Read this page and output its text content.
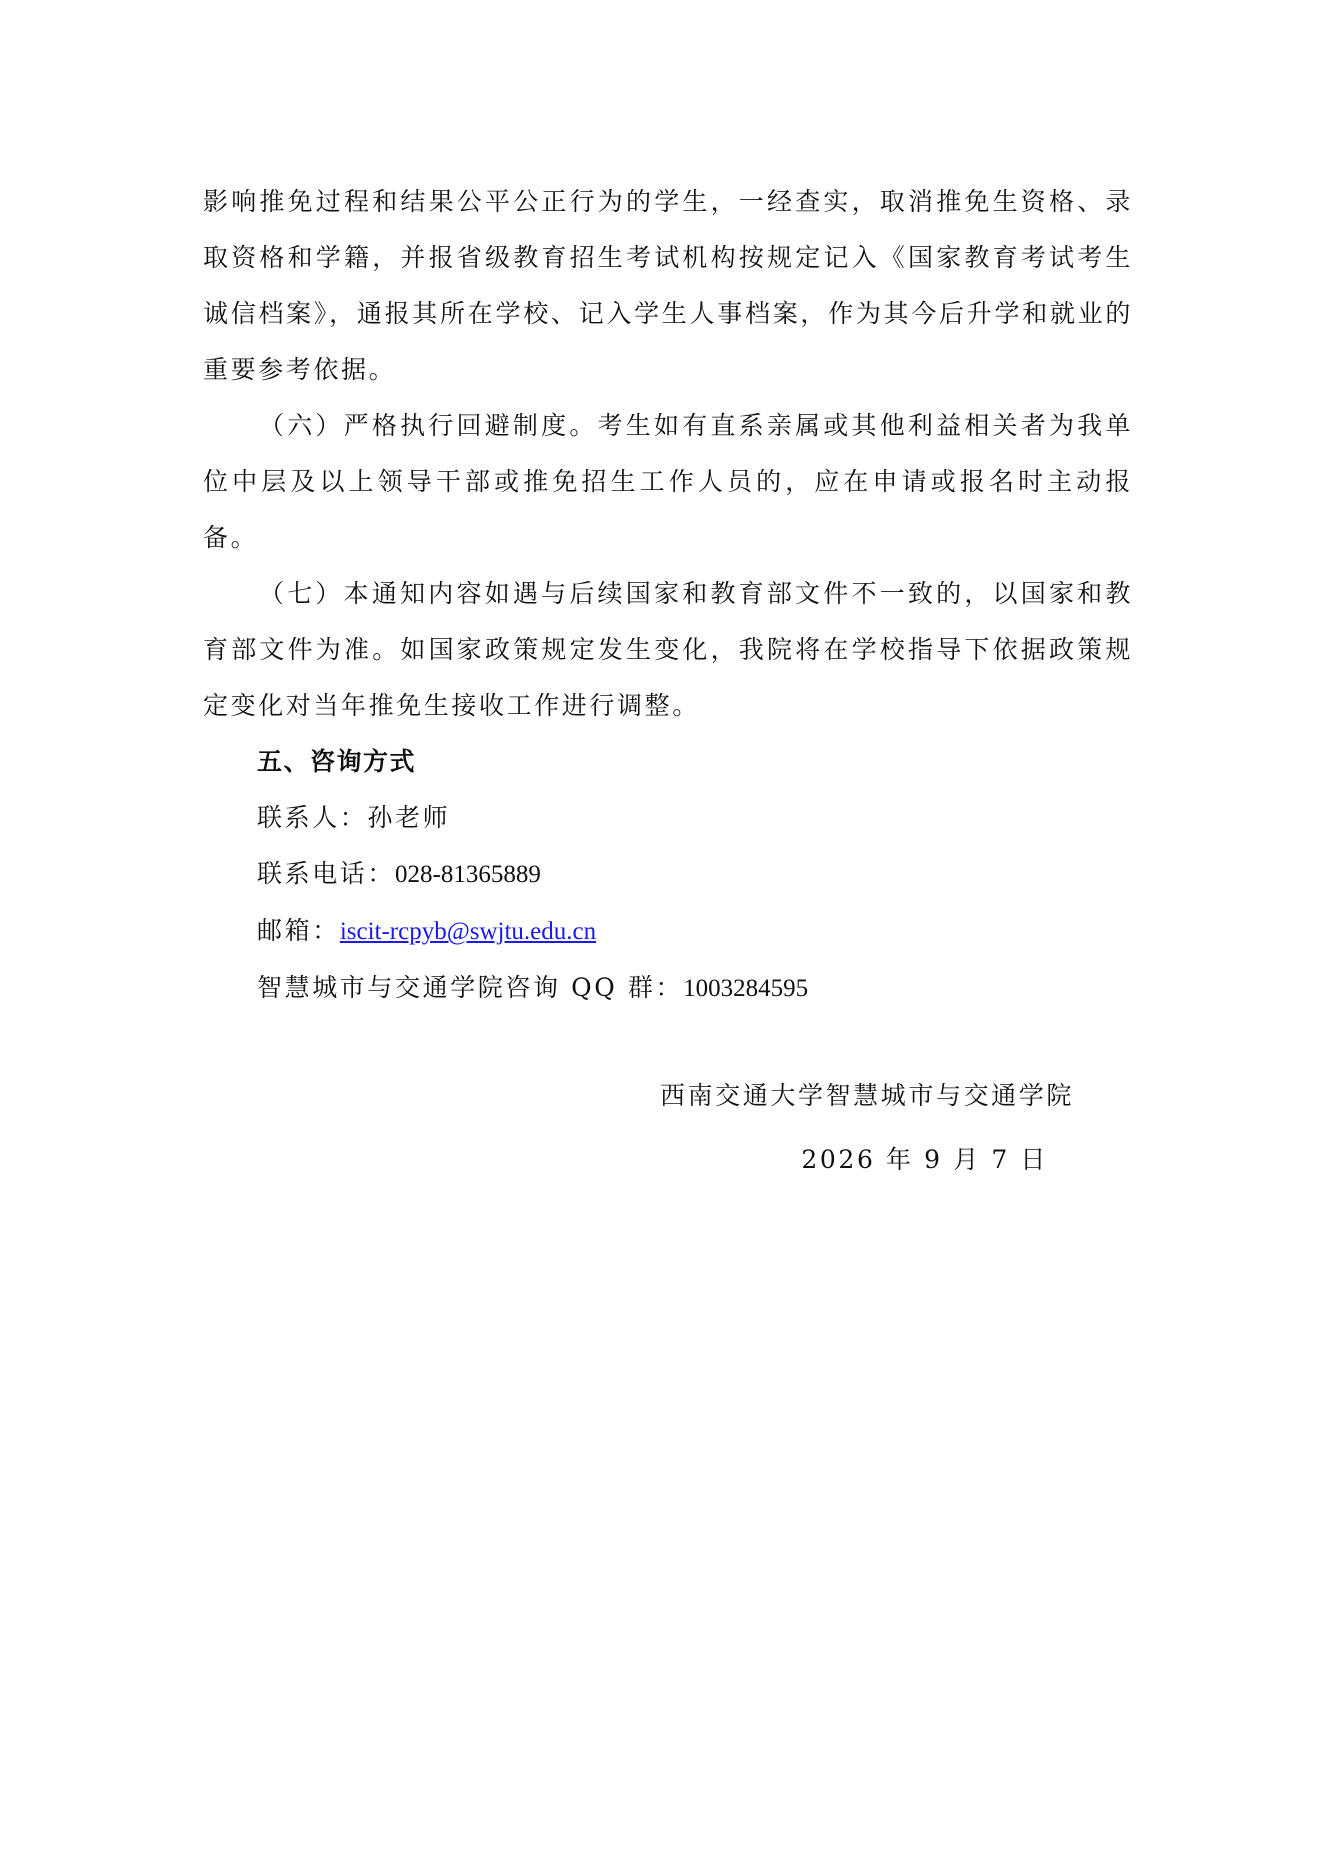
影响推免过程和结果公平公正行为的学生，一经查实，取消推免生资格、录取资格和学籍，并报省级教育招生考试机构按规定记入《国家教育考试考生诚信档案》，通报其所在学校、记入学生人事档案，作为其今后升学和就业的重要参考依据。

（六）严格执行回避制度。考生如有直系亲属或其他利益相关者为我单位中层及以上领导干部或推免招生工作人员的，应在申请或报名时主动报备。

（七）本通知内容如遇与后续国家和教育部文件不一致的，以国家和教育部文件为准。如国家政策规定发生变化，我院将在学校指导下依据政策规定变化对当年推免生接收工作进行调整。

五、咨询方式

联系人：孙老师

联系电话：028-81365889

邮箱：iscit-rcpyb@swjtu.edu.cn

智慧城市与交通学院咨询 QQ 群：1003284595

西南交通大学智慧城市与交通学院
2026 年 9 月 7 日
